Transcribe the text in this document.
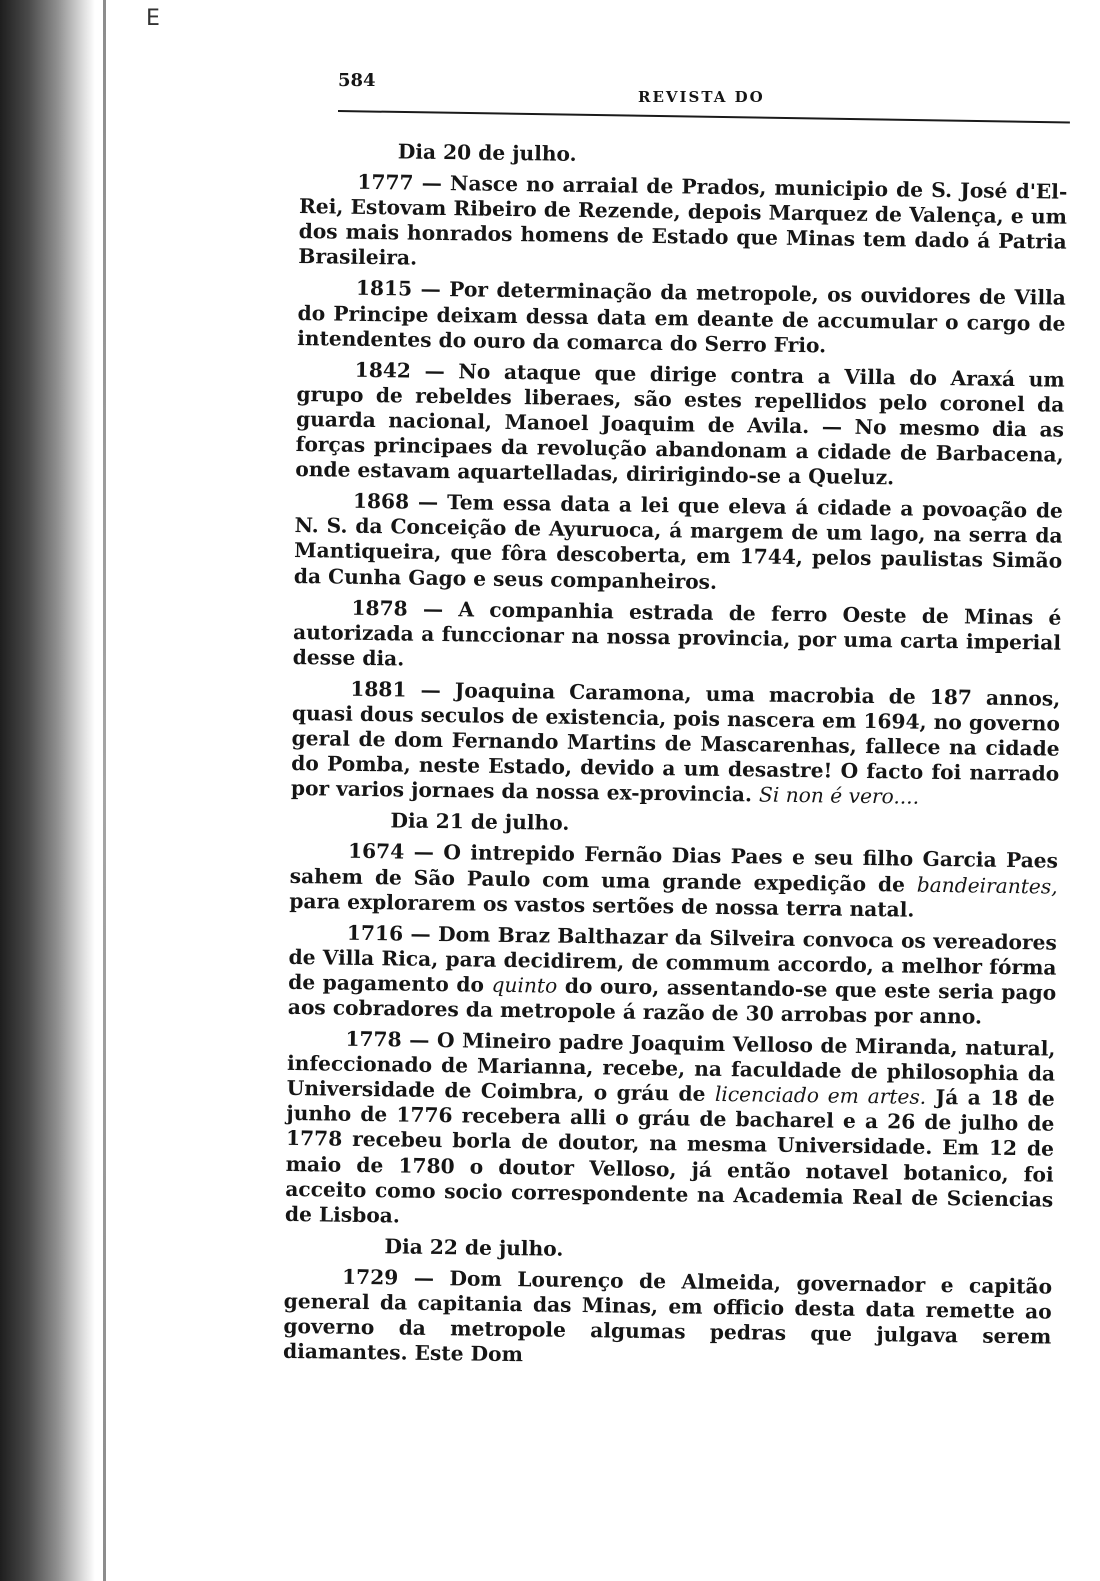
E
584
REVISTA DO
Dia 20 de julho.

1777 — Nasce no arraial de Prados, municipio de S. José d'El-Rei, Estovam Ribeiro de Rezende, depois Marquez de Valença, e um dos mais honrados homens de Estado que Minas tem dado á Patria Brasileira.

1815 — Por determinação da metropole, os ouvidores de Villa do Principe deixam dessa data em deante de accumular o cargo de intendentes do ouro da comarca do Serro Frio.

1842 — No ataque que dirige contra a Villa do Araxá um grupo de rebeldes liberaes, são estes repellidos pelo coronel da guarda nacional, Manoel Joaquim de Avila. — No mesmo dia as forças principaes da revolução abandonam a cidade de Barbacena, onde estavam aquartelladas, diririgindo-se a Queluz.

1868 — Tem essa data a lei que eleva á cidade a povoação de N. S. da Conceição de Ayuruoca, á margem de um lago, na serra da Mantiqueira, que fôra descoberta, em 1744, pelos paulistas Simão da Cunha Gago e seus companheiros.

1878 — A companhia estrada de ferro Oeste de Minas é autorizada a funccionar na nossa provincia, por uma carta imperial desse dia.

1881 — Joaquina Caramona, uma macrobia de 187 annos, quasi dous seculos de existencia, pois nascera em 1694, no governo geral de dom Fernando Martins de Mascarenhas, fallece na cidade do Pomba, neste Estado, devido a um desastre! O facto foi narrado por varios jornaes da nossa ex-provincia. Si non é vero....

Dia 21 de julho.

1674 — O intrepido Fernão Dias Paes e seu filho Garcia Paes sahem de São Paulo com uma grande expedição de bandeirantes, para explorarem os vastos sertões de nossa terra natal.

1716 — Dom Braz Balthazar da Silveira convoca os vereadores de Villa Rica, para decidirem, de commum accordo, a melhor fórma de pagamento do quinto do ouro, assentando-se que este seria pago aos cobradores da metropole á razão de 30 arrobas por anno.

1778 — O Mineiro padre Joaquim Velloso de Miranda, natural, infeccionado de Marianna, recebe, na faculdade de philosophia da Universidade de Coimbra, o gráu de licenciado em artes. Já a 18 de junho de 1776 recebera alli o gráu de bacharel e a 26 de julho de 1778 recebeu borla de doutor, na mesma Universidade. Em 12 de maio de 1780 o doutor Velloso, já então notavel botanico, foi acceito como socio correspondente na Academia Real de Sciencias de Lisboa.

Dia 22 de julho.

1729 — Dom Lourenço de Almeida, governador e capitão general da capitania das Minas, em officio desta data remette ao governo da metropole algumas pedras que julgava serem diamantes. Este Dom
